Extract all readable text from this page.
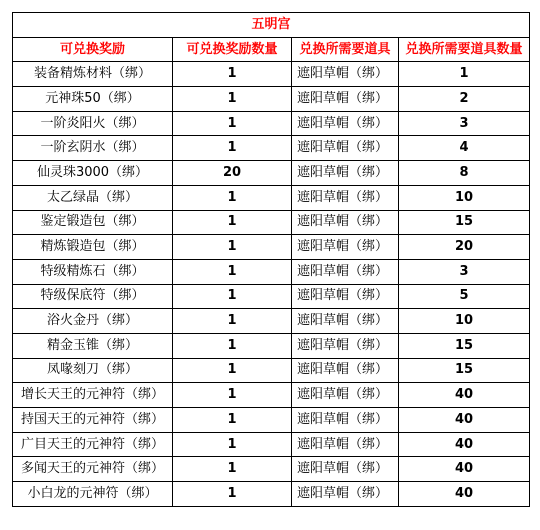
五明宫			
可兑换奖励	可兑换奖励数量	兑换所需要道具	兑换所需要道具数量
装备精炼材料（绑）	1	遮阳草帽（绑）	1
元神珠50（绑）	1	遮阳草帽（绑）	2
一阶炎阳火（绑）	1	遮阳草帽（绑）	3
一阶玄阴水（绑）	1	遮阳草帽（绑）	4
仙灵珠3000（绑）	20	遮阳草帽（绑）	8
太乙绿晶（绑）	1	遮阳草帽（绑）	10
鉴定锻造包（绑）	1	遮阳草帽（绑）	15
精炼锻造包（绑）	1	遮阳草帽（绑）	20
特级精炼石（绑）	1	遮阳草帽（绑）	3
特级保底符（绑）	1	遮阳草帽（绑）	5
浴火金丹（绑）	1	遮阳草帽（绑）	10
精金玉锥（绑）	1	遮阳草帽（绑）	15
凤喙刻刀（绑）	1	遮阳草帽（绑）	15
增长天王的元神符（绑）	1	遮阳草帽（绑）	40
持国天王的元神符（绑）	1	遮阳草帽（绑）	40
广目天王的元神符（绑）	1	遮阳草帽（绑）	40
多闻天王的元神符（绑）	1	遮阳草帽（绑）	40
小白龙的元神符（绑）	1	遮阳草帽（绑）	40
